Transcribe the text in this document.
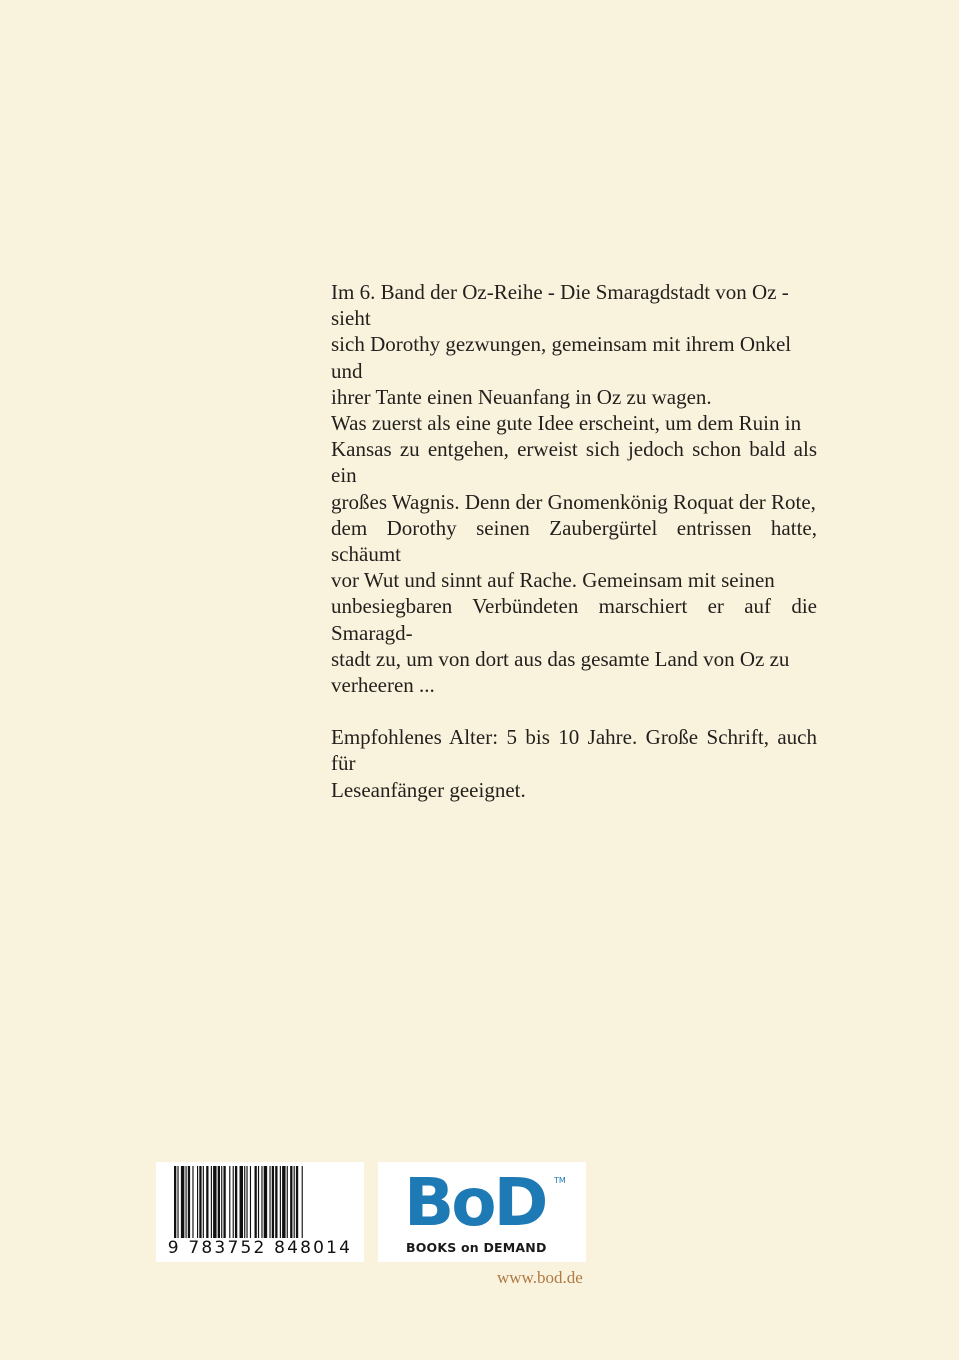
Im 6. Band der Oz-Reihe - Die Smaragdstadt von Oz - sieht
sich Dorothy gezwungen, gemeinsam mit ihrem Onkel und
ihrer Tante einen Neuanfang in Oz zu wagen.

Was zuerst als eine gute Idee erscheint, um dem Ruin in
Kansas zu entgehen, erweist sich jedoch schon bald als ein
großes Wagnis. Denn der Gnomenkönig Roquat der Rote,
dem Dorothy seinen Zaubergürtel entrissen hatte, schäumt
vor Wut und sinnt auf Rache. Gemeinsam mit seinen
unbesiegbaren Verbündeten marschiert er auf die Smaragd-
stadt zu, um von dort aus das gesamte Land von Oz zu
verheeren ...

Empfohlenes Alter: 5 bis 10 Jahre. Große Schrift, auch für
Leseanfänger geeignet.

9 783752 848014
BoD TM
BOOKS on DEMAND
www.bod.de
